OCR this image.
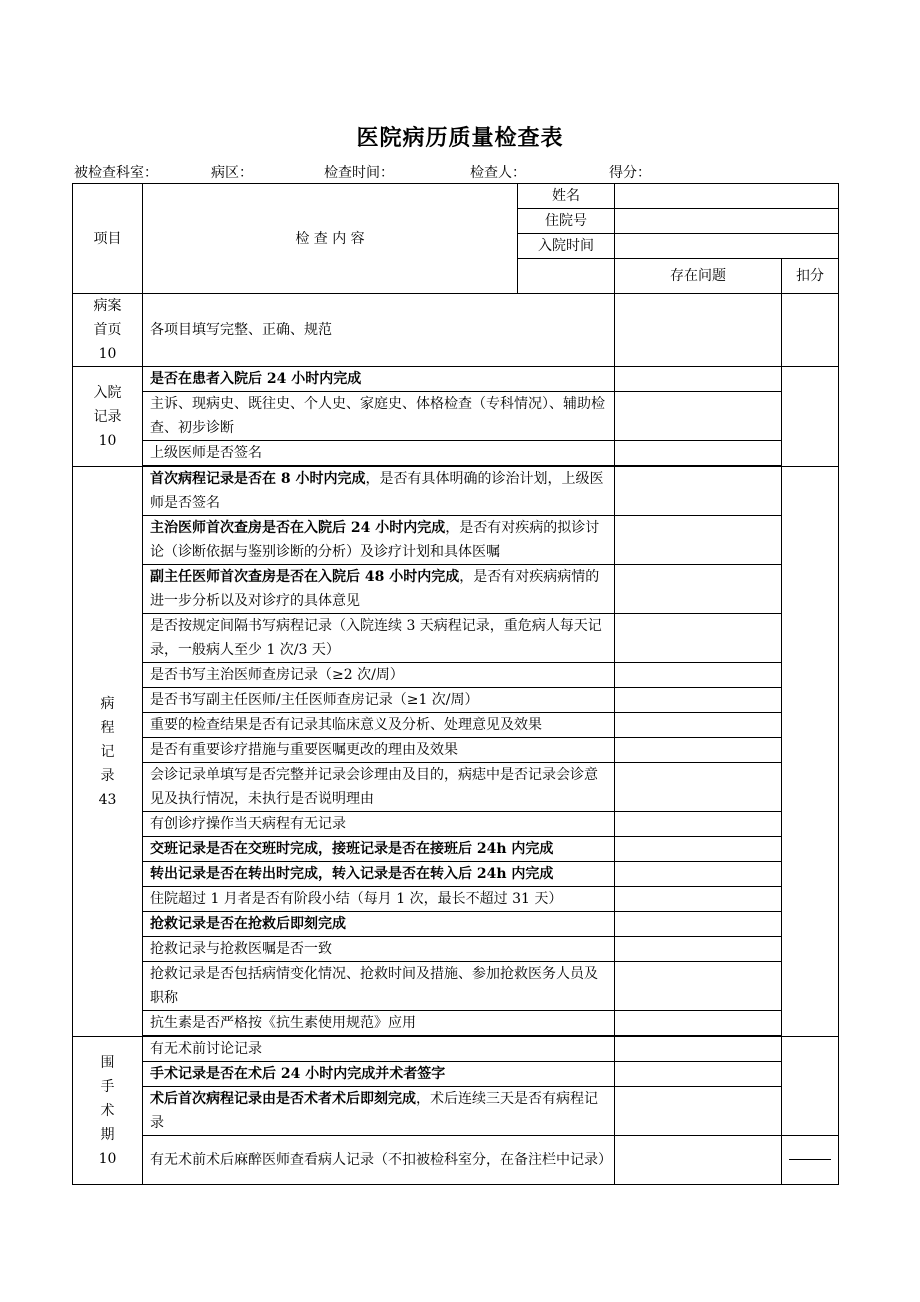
医院病历质量检查表
被检查科室：	病区：	检查时间：	检查人：	得分：
项目	检 查 内 容	姓名		
		住院号		
		入院时间		
			存在问题	扣分

病案
首页
10	各项目填写完整、正确、规范			

入院
记录
10	是否在患者入院后 24 小时内完成			
	主诉、现病史、既往史、个人史、家庭史、体格检查（专科情况）、辅助检查、初步诊断			
	上级医师是否签名			

病
程
记
录
43	首次病程记录是否在 8 小时内完成，是否有具体明确的诊治计划，上级医师是否签名			
	主治医师首次查房是否在入院后 24 小时内完成，是否有对疾病的拟诊讨论（诊断依据与鉴别诊断的分析）及诊疗计划和具体医嘱			
	副主任医师首次查房是否在入院后 48 小时内完成，是否有对疾病病情的进一步分析以及对诊疗的具体意见			
	是否按规定间隔书写病程记录（入院连续 3 天病程记录，重危病人每天记录，一般病人至少 1 次/3 天）			
	是否书写主治医师查房记录（≥2 次/周）			
	是否书写副主任医师/主任医师查房记录（≥1 次/周）			
	重要的检查结果是否有记录其临床意义及分析、处理意见及效果			
	是否有重要诊疗措施与重要医嘱更改的理由及效果			
	会诊记录单填写是否完整并记录会诊理由及目的，病痣中是否记录会诊意见及执行情况，未执行是否说明理由			
	有创诊疗操作当天病程有无记录			
	交班记录是否在交班时完成，接班记录是否在接班后 24h 内完成			
	转出记录是否在转出时完成，转入记录是否在转入后 24h 内完成			
	住院超过 1 月者是否有阶段小结（每月 1 次，最长不超过 31 天）			
	抢救记录是否在抢救后即刻完成			
	抢救记录与抢救医嘱是否一致			
	抢救记录是否包括病情变化情况、抢救时间及措施、参加抢救医务人员及职称			
	抗生素是否严格按《抗生素使用规范》应用			

围
手
术
期
10	有无术前讨论记录			
	手术记录是否在术后 24 小时内完成并术者签字			
	术后首次病程记录由是否术者术后即刻完成，术后连续三天是否有病程记录			
	有无术前术后麻醉医师查看病人记录（不扣被检科室分，在备注栏中记录）			
